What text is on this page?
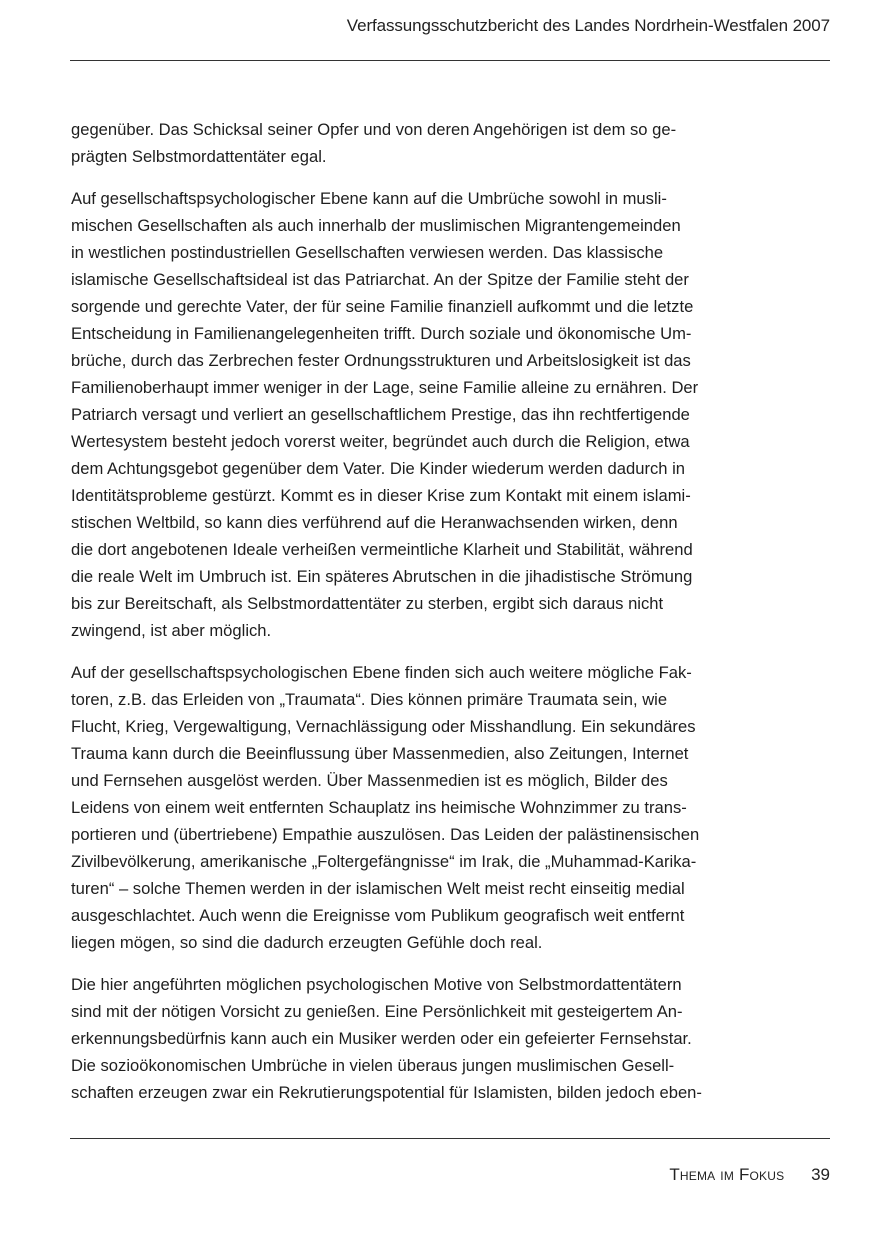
Verfassungsschutzbericht des Landes Nordrhein-Westfalen 2007

gegenüber. Das Schicksal seiner Opfer und von deren Angehörigen ist dem so ge-
prägten Selbstmordattentäter egal.

Auf gesellschaftspsychologischer Ebene kann auf die Umbrüche sowohl in musli-
mischen Gesellschaften als auch innerhalb der muslimischen Migrantengemeinden
in westlichen postindustriellen Gesellschaften verwiesen werden. Das klassische
islamische Gesellschaftsideal ist das Patriarchat. An der Spitze der Familie steht der
sorgende und gerechte Vater, der für seine Familie finanziell aufkommt und die letzte
Entscheidung in Familienangelegenheiten trifft. Durch soziale und ökonomische Um-
brüche, durch das Zerbrechen fester Ordnungsstrukturen und Arbeitslosigkeit ist das
Familienoberhaupt immer weniger in der Lage, seine Familie alleine zu ernähren. Der
Patriarch versagt und verliert an gesellschaftlichem Prestige, das ihn rechtfertigende
Wertesystem besteht jedoch vorerst weiter, begründet auch durch die Religion, etwa
dem Achtungsgebot gegenüber dem Vater. Die Kinder wiederum werden dadurch in
Identitätsprobleme gestürzt. Kommt es in dieser Krise zum Kontakt mit einem islami-
stischen Weltbild, so kann dies verführend auf die Heranwachsenden wirken, denn
die dort angebotenen Ideale verheißen vermeintliche Klarheit und Stabilität, während
die reale Welt im Umbruch ist. Ein späteres Abrutschen in die jihadistische Strömung
bis zur Bereitschaft, als Selbstmordattentäter zu sterben, ergibt sich daraus nicht
zwingend, ist aber möglich.

Auf der gesellschaftspsychologischen Ebene finden sich auch weitere mögliche Fak-
toren, z.B. das Erleiden von „Traumata“. Dies können primäre Traumata sein, wie
Flucht, Krieg, Vergewaltigung, Vernachlässigung oder Misshandlung. Ein sekundäres
Trauma kann durch die Beeinflussung über Massenmedien, also Zeitungen, Internet
und Fernsehen ausgelöst werden. Über Massenmedien ist es möglich, Bilder des
Leidens von einem weit entfernten Schauplatz ins heimische Wohnzimmer zu trans-
portieren und (übertriebene) Empathie auszulösen. Das Leiden der palästinensischen
Zivilbevölkerung, amerikanische „Foltergefängnisse“ im Irak, die „Muhammad-Karika-
turen“ – solche Themen werden in der islamischen Welt meist recht einseitig medial
ausgeschlachtet. Auch wenn die Ereignisse vom Publikum geografisch weit entfernt
liegen mögen, so sind die dadurch erzeugten Gefühle doch real.

Die hier angeführten möglichen psychologischen Motive von Selbstmordattentätern
sind mit der nötigen Vorsicht zu genießen. Eine Persönlichkeit mit gesteigertem An-
erkennungsbedürfnis kann auch ein Musiker werden oder ein gefeierter Fernsehstar.
Die sozioökonomischen Umbrüche in vielen überaus jungen muslimischen Gesell-
schaften erzeugen zwar ein Rekrutierungspotential für Islamisten, bilden jedoch eben-

Thema im Fokus 39
